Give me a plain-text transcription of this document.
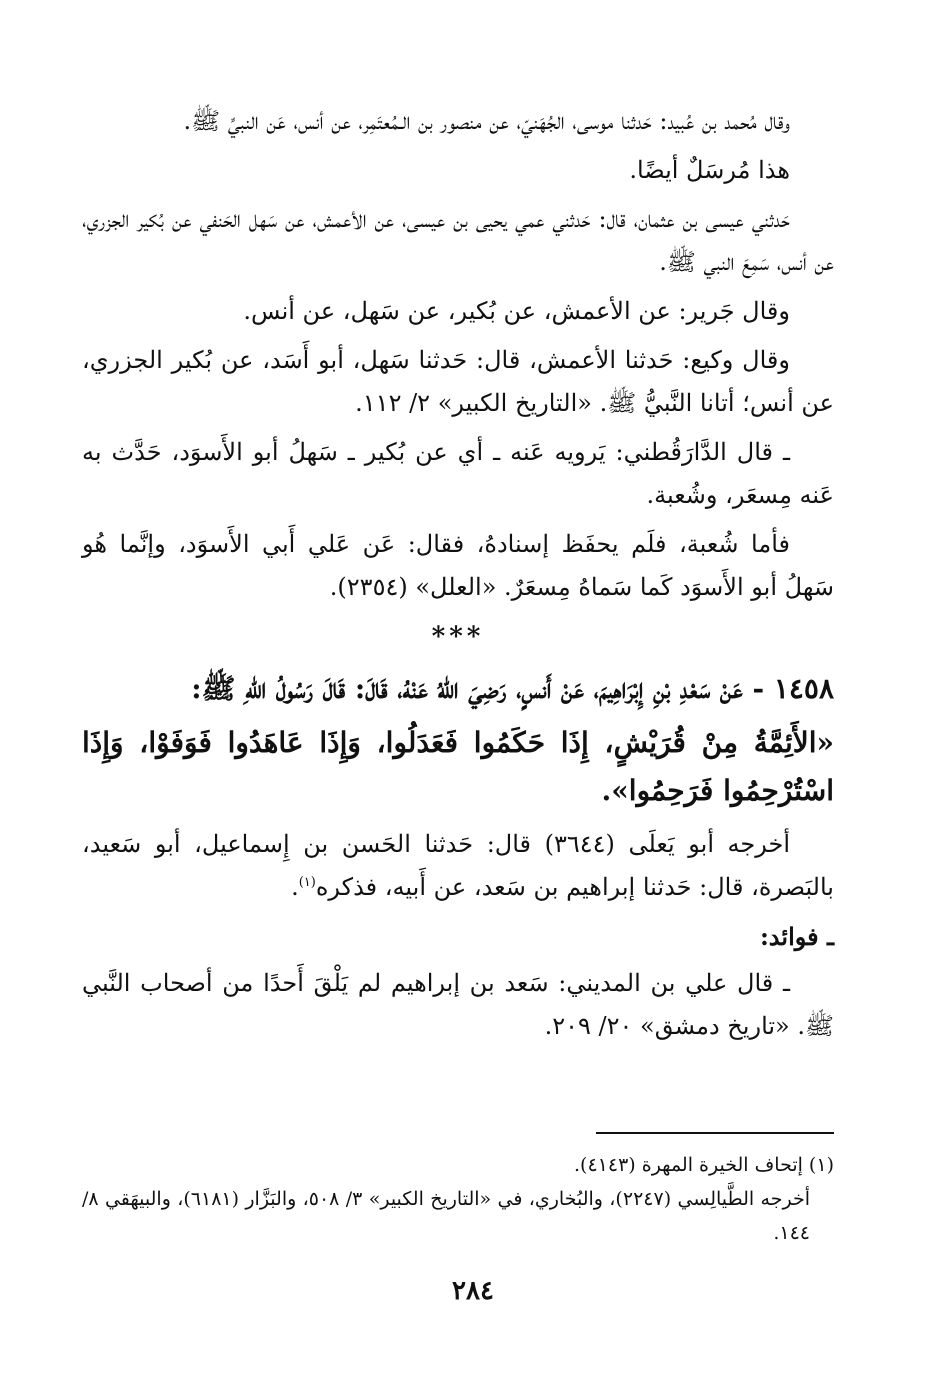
وقال مُحمد بن عُبيد: حَدثنا موسى، الجُهَنيّ، عن منصور بن الـمُعتَمِر، عن أنس، عَن النبيِّ ﷺ.

هذا مُرسَلٌ أيضًا.

حَدثني عيسى بن عثمان، قال: حَدثني عمي يحيى بن عيسى، عن الأعمش، عن سَهل الحَنفي عن بُكير الجزري، عن أنس، سَمِعَ النبي ﷺ.

وقال جَرير: عن الأعمش، عن بُكير، عن سَهل، عن أنس.

وقال وكيع: حَدثنا الأعمش، قال: حَدثنا سَهل، أبو أَسَد، عن بُكير الجزري، عن أنس؛ أتانا النَّبيُّ ﷺ. «التاريخ الكبير» ٢/ ١١٢.

ـ قال الدَّارَقُطني: يَرويه عَنه ـ أي عن بُكير ـ سَهلُ أبو الأَسوَد، حَدَّث به عَنه مِسعَر، وشُعبة.

فأما شُعبة، فلَم يحفَظ إسنادهُ، فقال: عَن عَلي أَبي الأَسوَد، وإنَّما هُو سَهلُ أبو الأَسوَد كَما سَماهُ مِسعَرٌ. «العلل» (٢٣٥٤).

***

١٤٥٨ - عَنْ سَعْدِ بْنِ إِبْرَاهِيمَ، عَنْ أَنسٍ، رَضِيَ اللهُ عَنْهُ، قَالَ: قَالَ رَسُولُ اللهِ ﷺ:

«الأَئِمَّةُ مِنْ قُرَيْشٍ، إِذَا حَكَمُوا فَعَدَلُوا، وَإِذَا عَاهَدُوا فَوَفَوْا، وَإِذَا اسْتُرْحِمُوا فَرَحِمُوا».

أخرجه أبو يَعلَى (٣٦٤٤) قال: حَدثنا الحَسن بن إِسماعيل، أبو سَعيد، بالبَصرة، قال: حَدثنا إبراهيم بن سَعد، عن أَبيه، فذكره$^{(١)}$.

ـ فوائد:

ـ قال علي بن المديني: سَعد بن إبراهيم لم يَلْقَ أَحدًا من أصحاب النَّبي ﷺ. «تاريخ دمشق» ٢٠/ ٢٠٩.

(١) إتحاف الخيرة المهرة (٤١٤٣).

أخرجه الطَّيالِسي (٢٢٤٧)، والبُخاري، في «التاريخ الكبير» ٣/ ٥٠٨، والبَزَّار (٦١٨١)، والبيهَقي ٨/ ١٤٤.

٢٨٤
